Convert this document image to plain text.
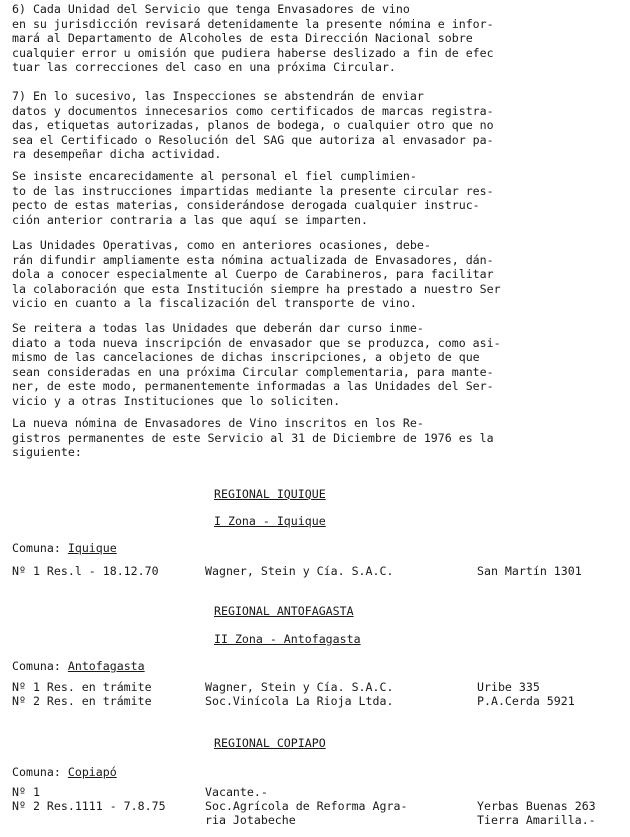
6) Cada Unidad del Servicio que tenga Envasadores de vino
en su jurisdicción revisará detenidamente la presente nómina e infor-
mará al Departamento de Alcoholes de esta Dirección Nacional sobre
cualquier error u omisión que pudiera haberse deslizado a fin de efec
tuar las correcciones del caso en una próxima Circular.

7) En lo sucesivo, las Inspecciones se abstendrán de enviar
datos y documentos innecesarios como certificados de marcas registra-
das, etiquetas autorizadas, planos de bodega, o cualquier otro que no
sea el Certificado o Resolución del SAG que autoriza al envasador pa-
ra desempeñar dicha actividad.

Se insiste encarecidamente al personal el fiel cumplimien-
to de las instrucciones impartidas mediante la presente circular res-
pecto de estas materias, considerándose derogada cualquier instruc-
ción anterior contraria a las que aquí se imparten.

Las Unidades Operativas, como en anteriores ocasiones, debe-
rán difundir ampliamente esta nómina actualizada de Envasadores, dán-
dola a conocer especialmente al Cuerpo de Carabineros, para facilitar
la colaboración que esta Institución siempre ha prestado a nuestro Ser
vicio en cuanto a la fiscalización del transporte de vino.

Se reitera a todas las Unidades que deberán dar curso inme-
diato a toda nueva inscripción de envasador que se produzca, como asi-
mismo de las cancelaciones de dichas inscripciones, a objeto de que
sean consideradas en una próxima Circular complementaria, para mante-
ner, de este modo, permanentemente informadas a las Unidades del Ser-
vicio y a otras Instituciones que lo soliciten.

La nueva nómina de Envasadores de Vino inscritos en los Re-
gistros permanentes de este Servicio al 31 de Diciembre de 1976 es la
siguiente:

REGIONAL IQUIQUE

I Zona - Iquique

Comuna: Iquique
Nº 1 Res.l - 18.12.70	Wagner, Stein y Cía. S.A.C.	San Martín 1301

REGIONAL ANTOFAGASTA

II Zona - Antofagasta

Comuna: Antofagasta
Nº 1 Res. en trámite	Wagner, Stein y Cía. S.A.C.	Uribe 335
Nº 2 Res. en trámite	Soc.Vinícola La Rioja Ltda.	P.A.Cerda 5921

REGIONAL COPIAPO

Comuna: Copiapó
Nº 1	Vacante.-
Nº 2 Res.1111 - 7.8.75	Soc.Agrícola de Reforma Agra-	Yerbas Buenas 263
ria Jotabeche	Tierra Amarilla.-
